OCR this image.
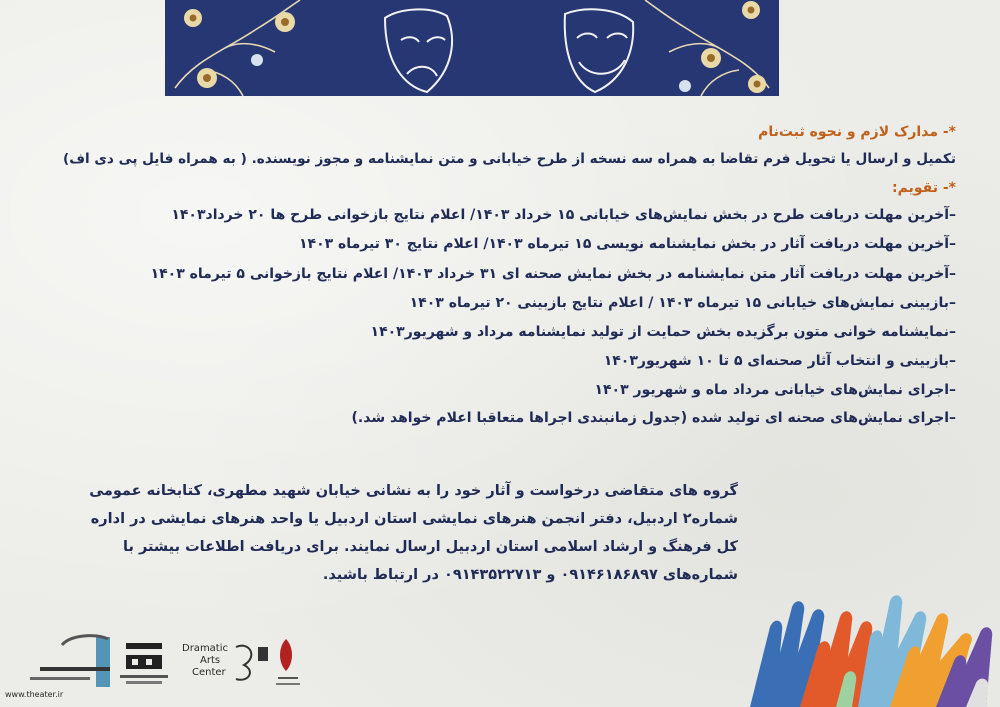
*- مدارک لازم و نحوه ثبت‌نام
تکمیل و ارسال یا تحویل فرم تقاضا به همراه سه نسخه از طرح خیابانی و متن نمایشنامه و مجوز نویسنده. ( به همراه فایل پی دی اف)
*- تقویم:
–آخرین مهلت دریافت طرح در بخش نمایش‌های خیابانی ۱۵ خرداد ۱۴۰۳/ اعلام نتایج بازخوانی طرح ها ۲۰ خرداد۱۴۰۳
–آخرین مهلت دریافت آثار در بخش نمایشنامه نویسی ۱۵ تیرماه ۱۴۰۳/ اعلام نتایج ۳۰ تیرماه ۱۴۰۳
–آخرین مهلت دریافت آثار متن نمایشنامه در بخش نمایش صحنه ای ۳۱ خرداد ۱۴۰۳/ اعلام نتایج بازخوانی ۵ تیرماه ۱۴۰۳
–بازبینی نمایش‌های خیابانی ۱۵ تیرماه ۱۴۰۳ / اعلام نتایج بازبینی ۲۰ تیرماه ۱۴۰۳
–نمایشنامه خوانی متون برگزیده بخش حمایت از تولید نمایشنامه مرداد و شهریور۱۴۰۳
–بازبینی و انتخاب آثار صحنه‌ای ۵ تا ۱۰ شهریور۱۴۰۳
–اجرای نمایش‌های خیابانی مرداد ماه و شهریور ۱۴۰۳
–اجرای نمایش‌های صحنه ای تولید شده (جدول زمانبندی اجراها متعاقبا اعلام خواهد شد.)
گروه های متقاضی درخواست و آثار خود را به نشانی خیابان شهید مطهری، کتابخانه عمومی
شماره۲ اردبیل، دفتر انجمن هنرهای نمایشی استان اردبیل یا واحد هنرهای نمایشی در اداره
کل فرهنگ و ارشاد اسلامی استان اردبیل ارسال نمایند. برای دریافت اطلاعات بیشتر با
شماره‌های ۰۹۱۴۶۱۸۶۸۹۷ و ۰۹۱۴۳۵۲۲۷۱۳ در ارتباط باشید.
www.theater.ir
Dramatic
Arts
Center
